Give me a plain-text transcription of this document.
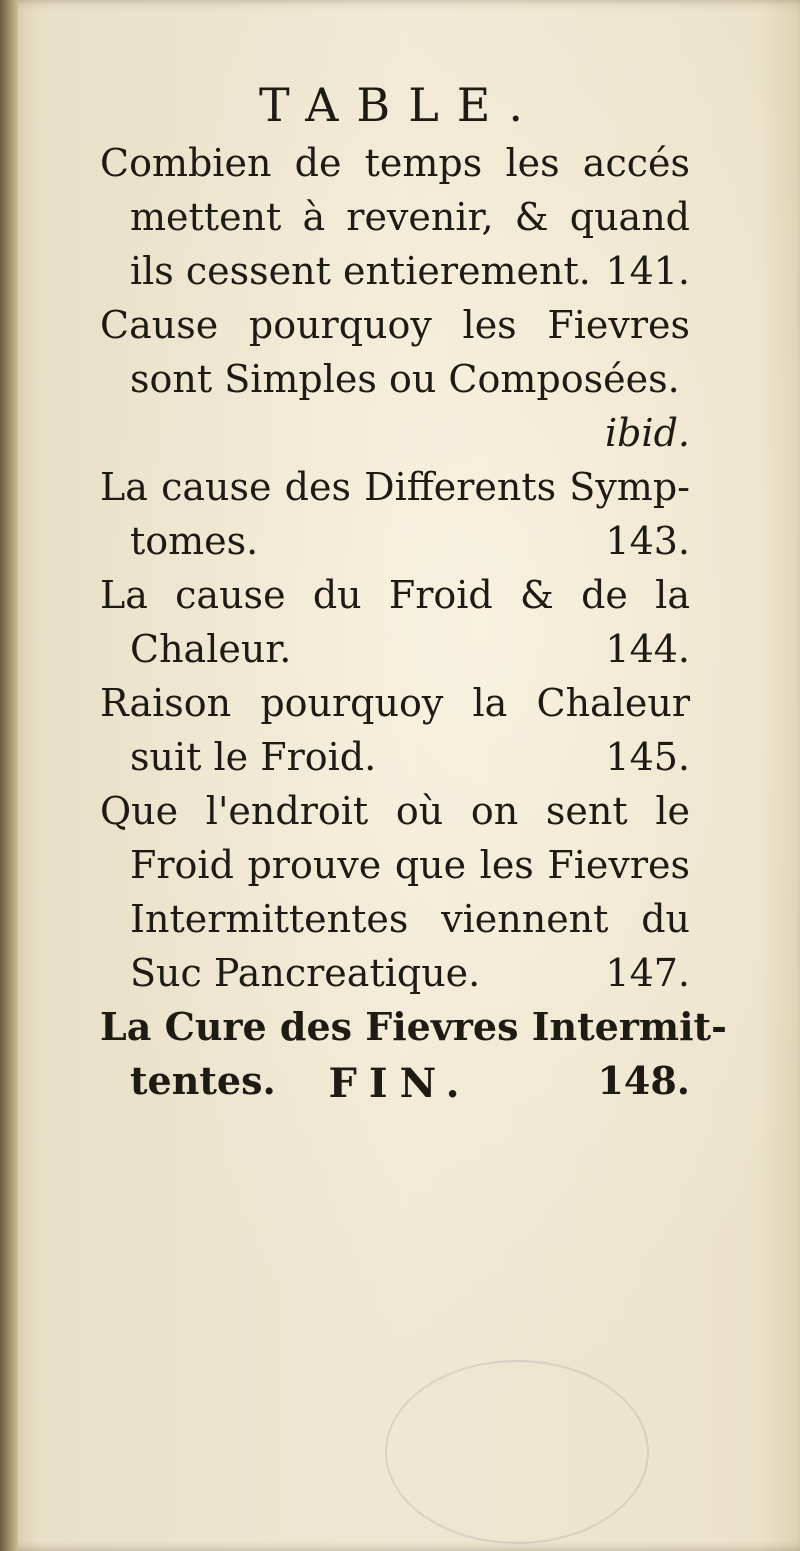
TABLE.
Combien de temps les accés
mettent à revenir, & quand
ils cessent entierement. 141.
Cause pourquoy les Fievres
sont Simples ou Composées.
ibid.
La cause des Differents Symp-
tomes.	143.
La cause du Froid & de la
Chaleur.	144.
Raison pourquoy la Chaleur
suit le Froid.	145.
Que l'endroit où on sent le
Froid prouve que les Fievres
Intermittentes viennent du
Suc Pancreatique.	147.
La Cure des Fievres Intermit-
tentes.	148.
FIN.
